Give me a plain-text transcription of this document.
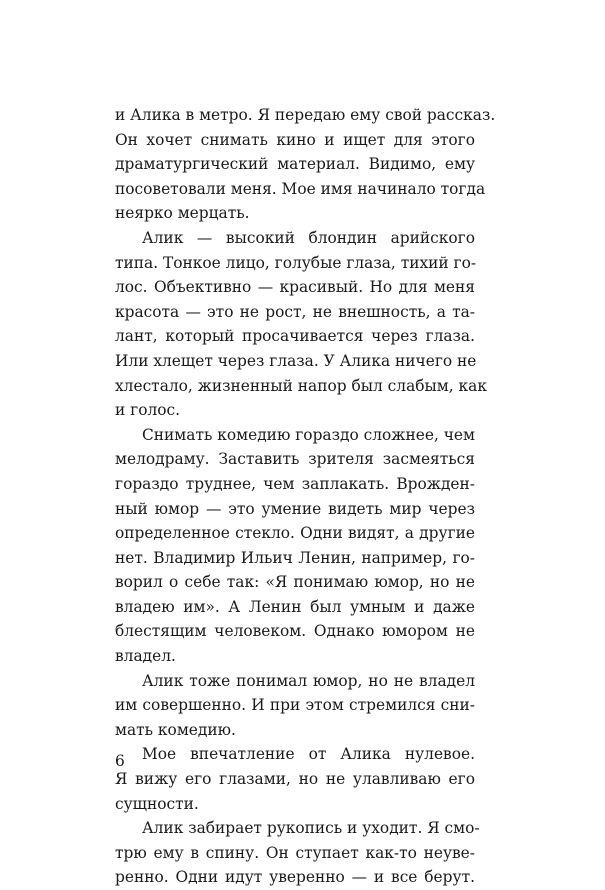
и Алика в метро. Я передаю ему свой рассказ.
Он хочет снимать кино и ищет для этого
драматургический материал. Видимо, ему
посоветовали меня. Мое имя начинало тогда
неярко мерцать.

Алик — высокий блондин арийского
типа. Тонкое лицо, голубые глаза, тихий го-
лос. Объективно — красивый. Но для меня
красота — это не рост, не внешность, а та-
лант, который просачивается через глаза.
Или хлещет через глаза. У Алика ничего не
хлестало, жизненный напор был слабым, как
и голос.

Снимать комедию гораздо сложнее, чем
мелодраму. Заставить зрителя засмеяться
гораздо труднее, чем заплакать. Врожден-
ный юмор — это умение видеть мир через
определенное стекло. Одни видят, а другие
нет. Владимир Ильич Ленин, например, го-
ворил о себе так: «Я понимаю юмор, но не
владею им». А Ленин был умным и даже
блестящим человеком. Однако юмором не
владел.

Алик тоже понимал юмор, но не владел
им совершенно. И при этом стремился сни-
мать комедию.

Мое впечатление от Алика нулевое.
Я вижу его глазами, но не улавливаю его
сущности.

Алик забирает рукопись и уходит. Я смо-
трю ему в спину. Он ступает как-то неуве-
ренно. Одни идут уверенно — и все берут.

6
